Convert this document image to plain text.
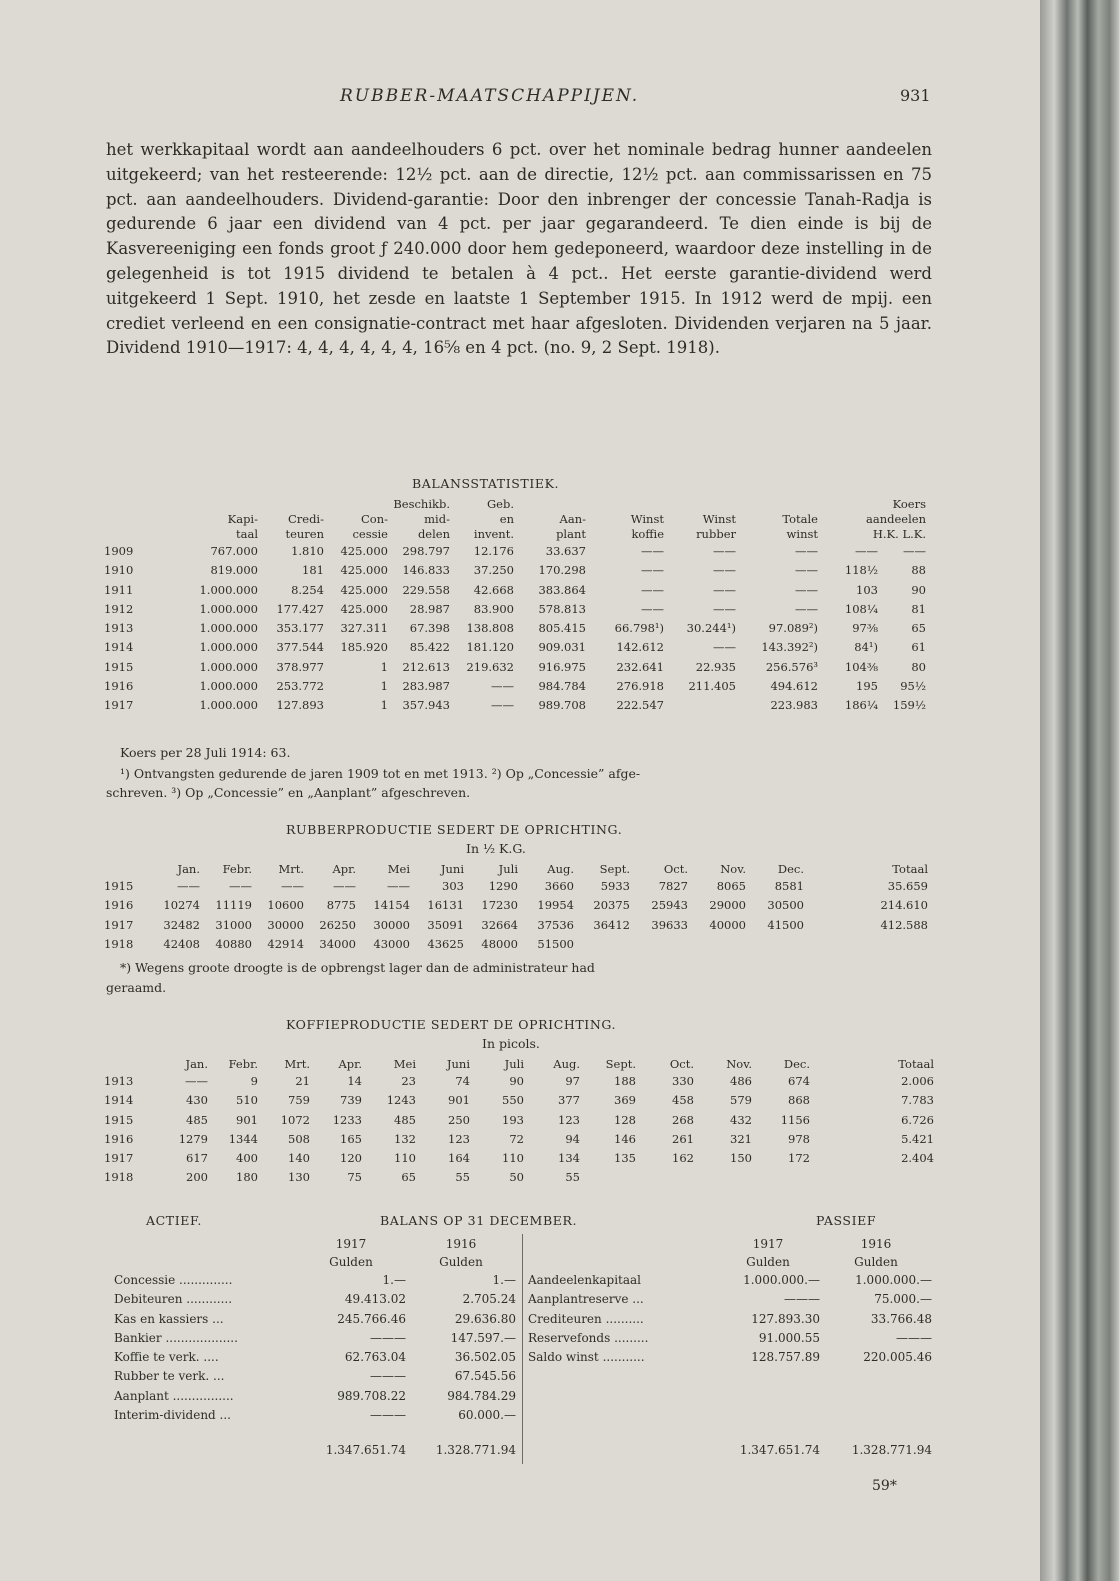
RUBBER-MAATSCHAPPIJEN.	931

het werkkapitaal wordt aan aandeelhouders 6 pct. over het nominale bedrag hunner aandeelen uitgekeerd; van het resteerende: 12½ pct. aan de directie, 12½ pct. aan commissarissen en 75 pct. aan aandeelhouders. Dividend-garantie: Door den inbrenger der concessie Tanah-Radja is gedurende 6 jaar een dividend van 4 pct. per jaar gegarandeerd. Te dien einde is bij de Kasvereeniging een fonds groot ƒ 240.000 door hem gedeponeerd, waardoor deze instelling in de gelegenheid is tot 1915 dividend te betalen à 4 pct.. Het eerste garantie-dividend werd uitgekeerd 1 Sept. 1910, het zesde en laatste 1 September 1915. In 1912 werd de mpij. een crediet verleend en een consignatie-contract met haar afgesloten. Dividenden verjaren na 5 jaar. Dividend 1910—1917: 4, 4, 4, 4, 4, 4, 16⅝ en 4 pct. (no. 9, 2 Sept. 1918).

BALANSSTATISTIEK.
				Beschikb.	Geb.					Koers	
	Kapi-	Credi-	Con-	mid-	en	Aan-	Winst	Winst	Totale	aandeelen	
	taal	teuren	cessie	delen	invent.	plant	koffie	rubber	winst	H.K. L.K.	
1909	767.000	1.810	425.000	298.797	12.176	33.637	——	——	——	——	——
1910	819.000	181	425.000	146.833	37.250	170.298	——	——	——	118½	88
1911	1.000.000	8.254	425.000	229.558	42.668	383.864	——	——	——	103	90
1912	1.000.000	177.427	425.000	28.987	83.900	578.813	——	——	——	108¼	81
1913	1.000.000	353.177	327.311	67.398	138.808	805.415	66.798¹)	30.244¹)	97.089²)	97⅜	65
1914	1.000.000	377.544	185.920	85.422	181.120	909.031	142.612	——	143.392²)	84¹)	61
1915	1.000.000	378.977	1	212.613	219.632	916.975	232.641	22.935	256.576³	104⅜	80
1916	1.000.000	253.772	1	283.987	——	984.784	276.918	211.405	494.612	195	95½
1917	1.000.000	127.893	1	357.943	——	989.708	222.547		223.983	186¼	159½
Koers per 28 Juli 1914: 63.
¹) Ontvangsten gedurende de jaren 1909 tot en met 1913. ²) Op „Concessie” afge-
schreven. ³) Op „Concessie” en „Aanplant” afgeschreven.
RUBBERPRODUCTIE SEDERT DE OPRICHTING.
In ½ K.G.
	Jan.	Febr.	Mrt.	Apr.	Mei	Juni	Juli	Aug.	Sept.	Oct.	Nov.	Dec.	Totaal
1915	——	——	——	——	——	303	1290	3660	5933	7827	8065	8581	35.659
1916	10274	11119	10600	8775	14154	16131	17230	19954	20375	25943	29000	30500	214.610
1917	32482	31000	30000	26250	30000	35091	32664	37536	36412	39633	40000	41500	412.588
1918	42408	40880	42914	34000	43000	43625	48000	51500					
*) Wegens groote droogte is de opbrengst lager dan de administrateur had
geraamd.
KOFFIEPRODUCTIE SEDERT DE OPRICHTING.
In picols.
	Jan.	Febr.	Mrt.	Apr.	Mei	Juni	Juli	Aug.	Sept.	Oct.	Nov.	Dec.	Totaal
1913	——	9	21	14	23	74	90	97	188	330	486	674	2.006
1914	430	510	759	739	1243	901	550	377	369	458	579	868	7.783
1915	485	901	1072	1233	485	250	193	123	128	268	432	1156	6.726
1916	1279	1344	508	165	132	123	72	94	146	261	321	978	5.421
1917	617	400	140	120	110	164	110	134	135	162	150	172	2.404
1918	200	180	130	75	65	55	50	55					
ACTIEF.	BALANS OP 31 DECEMBER.	PASSIEF
	1917	1916
	Gulden	Gulden
Concessie ..............	1.—	1.—
Debiteuren ............	49.413.02	2.705.24
Kas en kassiers ...	245.766.46	29.636.80
Bankier ...................	———	147.597.—
Koffie te verk. ....	62.763.04	36.502.05
Rubber te verk. ...	———	67.545.56
Aanplant ................	989.708.22	984.784.29
Interim-dividend ...	———	60.000.—
	1.347.651.74	1.328.771.94
	1917	1916
	Gulden	Gulden
Aandeelenkapitaal	1.000.000.—	1.000.000.—
Aanplantreserve ...	———	75.000.—
Crediteuren ..........	127.893.30	33.766.48
Reservefonds .........	91.000.55	———
Saldo winst ...........	128.757.89	220.005.46

	1.347.651.74	1.328.771.94
59*
